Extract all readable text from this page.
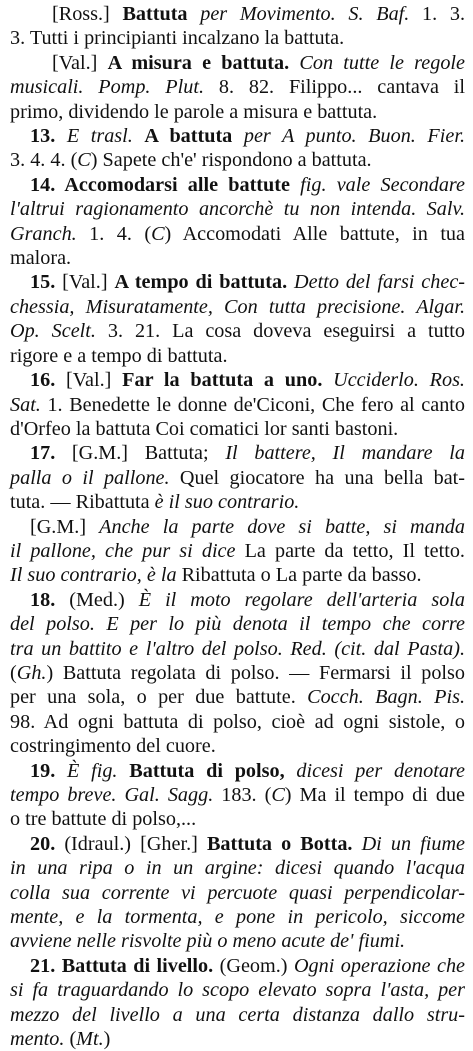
[Ross.] Battuta per Movimento. S. Baf. 1. 3.
3. Tutti i principianti incalzano la battuta.
[Val.] A misura e battuta. Con tutte le regole
musicali. Pomp. Plut. 8. 82. Filippo... cantava il
primo, dividendo le parole a misura e battuta.
13. E trasl. A battuta per A punto. Buon. Fier.
3. 4. 4. (C) Sapete ch'e' rispondono a battuta.
14. Accomodarsi alle battute fig. vale Secondare
l'altrui ragionamento ancorchè tu non intenda. Salv.
Granch. 1. 4. (C) Accomodati Alle battute, in tua
malora.
15. [Val.] A tempo di battuta. Detto del farsi chec-
chessia, Misuratamente, Con tutta precisione. Algar.
Op. Scelt. 3. 21. La cosa doveva eseguirsi a tutto
rigore e a tempo di battuta.
16. [Val.] Far la battuta a uno. Ucciderlo. Ros.
Sat. 1. Benedette le donne de'Ciconi, Che fero al canto
d'Orfeo la battuta Coi comatici lor santi bastoni.
17. [G.M.] Battuta; Il battere, Il mandare la
palla o il pallone. Quel giocatore ha una bella bat-
tuta. — Ribattuta è il suo contrario.
[G.M.] Anche la parte dove si batte, si manda
il pallone, che pur si dice La parte da tetto, Il tetto.
Il suo contrario, è la Ribattuta o La parte da basso.
18. (Med.) È il moto regolare dell'arteria sola
del polso. E per lo più denota il tempo che corre
tra un battito e l'altro del polso. Red. (cit. dal Pasta).
(Gh.) Battuta regolata di polso. — Fermarsi il polso
per una sola, o per due battute. Cocch. Bagn. Pis.
98. Ad ogni battuta di polso, cioè ad ogni sistole, o
costringimento del cuore.
19. È fig. Battuta di polso, dicesi per denotare
tempo breve. Gal. Sagg. 183. (C) Ma il tempo di due
o tre battute di polso,...
20. (Idraul.) [Gher.] Battuta o Botta. Di un fiume
in una ripa o in un argine: dicesi quando l'acqua
colla sua corrente vi percuote quasi perpendicolar-
mente, e la tormenta, e pone in pericolo, siccome
avviene nelle risvolte più o meno acute de' fiumi.
21. Battuta di livello. (Geom.) Ogni operazione che
si fa traguardando lo scopo elevato sopra l'asta, per
mezzo del livello a una certa distanza dallo stru-
mento. (Mt.)
